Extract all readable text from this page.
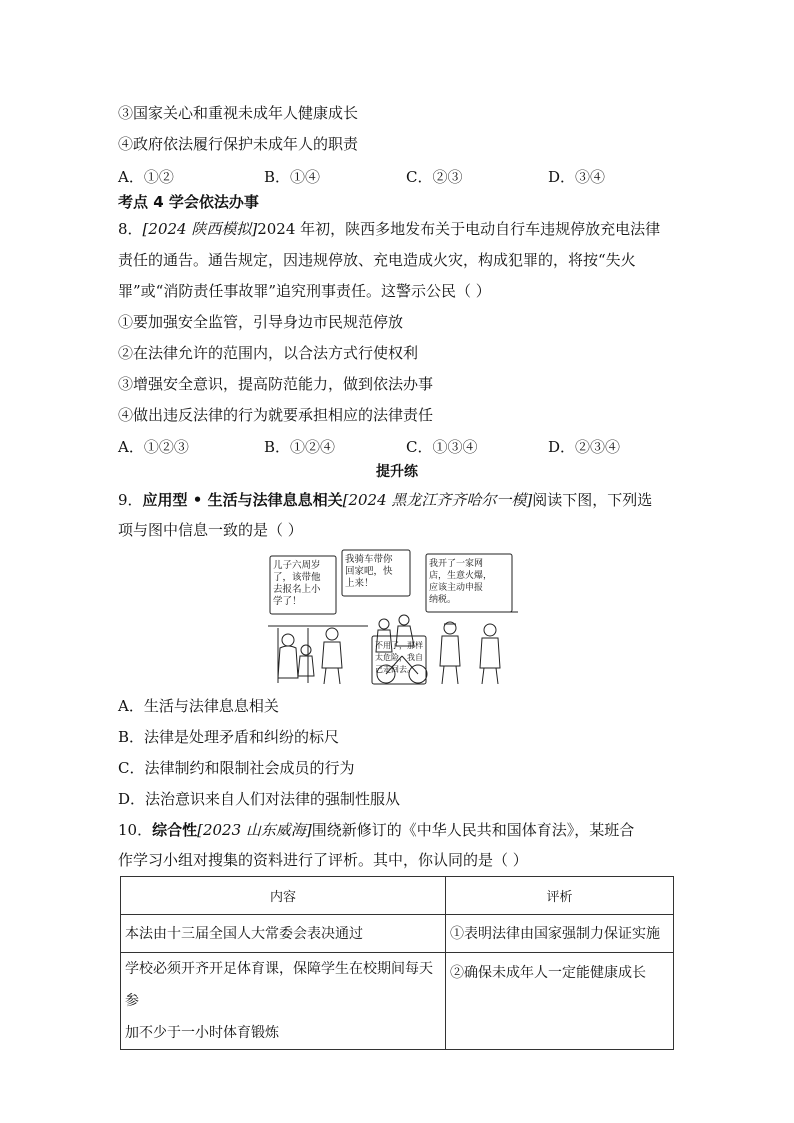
③国家关心和重视未成年人健康成长
④政府依法履行保护未成年人的职责
A．①②	B．①④	C．②③	D．③④
考点 4 学会依法办事
8．[2024 陕西模拟]2024 年初，陕西多地发布关于电动自行车违规停放充电法律
责任的通告。通告规定，因违规停放、充电造成火灾，构成犯罪的，将按“失火
罪”或“消防责任事故罪”追究刑事责任。这警示公民（ ）
①要加强安全监管，引导身边市民规范停放
②在法律允许的范围内，以合法方式行使权利
③增强安全意识，提高防范能力，做到依法办事
④做出违反法律的行为就要承担相应的法律责任
A．①②③	B．①②④	C．①③④	D．②③④
提升练
9．应用型 • 生活与法律息息相关[2024 黑龙江齐齐哈尔一模]阅读下图，下列选
项与图中信息一致的是（ ）
儿子六周岁
了，该带他
去报名上小
学了！
我骑车带你
回家吧，快
上来！
不用了，那样
太危险，我自
己走回去。
我开了一家网
店，生意火爆，
应该主动申报
纳税。
A．生活与法律息息相关
B．法律是处理矛盾和纠纷的标尺
C．法律制约和限制社会成员的行为
D．法治意识来自人们对法律的强制性服从
10．综合性[2023 山东威海]围绕新修订的《中华人民共和国体育法》，某班合
作学习小组对搜集的资料进行了评析。其中，你认同的是（ ）
内容	评析
本法由十三届全国人大常委会表决通过	①表明法律由国家强制力保证实施

学校必须开齐开足体育课，保障学生在校期间每天参
加不少于一小时体育锻炼	②确保未成年人一定能健康成长
